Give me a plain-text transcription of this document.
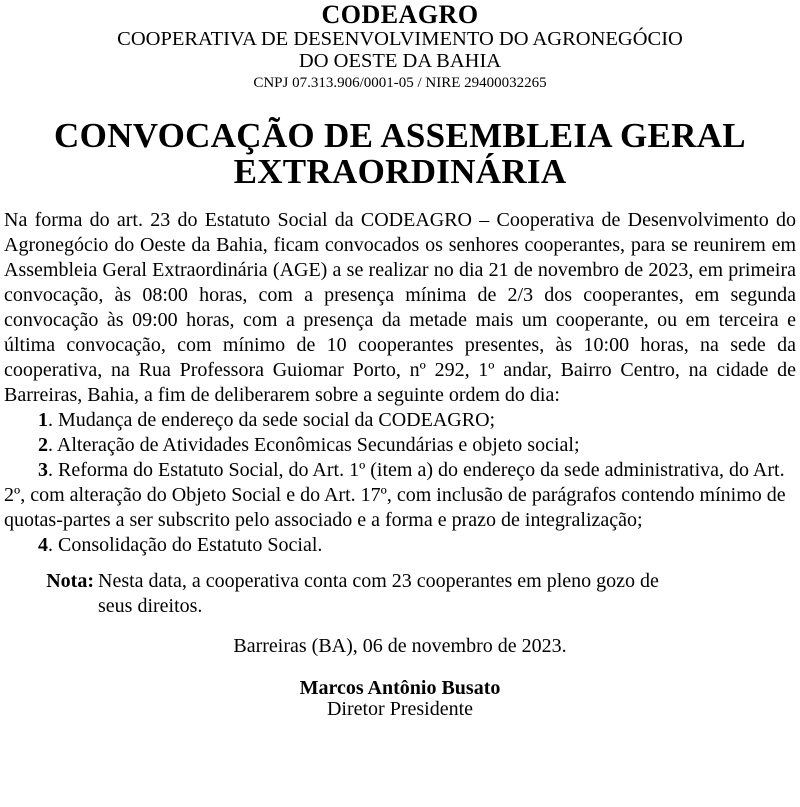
CODEAGRO
COOPERATIVA DE DESENVOLVIMENTO DO AGRONEGÓCIO
DO OESTE DA BAHIA
CNPJ 07.313.906/0001-05 / NIRE 29400032265
CONVOCAÇÃO DE ASSEMBLEIA GERAL
EXTRAORDINÁRIA

Na forma do art. 23 do Estatuto Social da CODEAGRO – Cooperativa de Desenvolvimento do Agronegócio do Oeste da Bahia, ficam convocados os senhores cooperantes, para se reunirem em Assembleia Geral Extraordinária (AGE) a se realizar no dia 21 de novembro de 2023, em primeira convocação, às 08:00 horas, com a presença mínima de 2/3 dos cooperantes, em segunda convocação às 09:00 horas, com a presença da metade mais um cooperante, ou em terceira e última convocação, com mínimo de 10 cooperantes presentes, às 10:00 horas, na sede da cooperativa, na Rua Professora Guiomar Porto, nº 292, 1º andar, Bairro Centro, na cidade de Barreiras, Bahia, a fim de deliberarem sobre a seguinte ordem do dia:

1. Mudança de endereço da sede social da CODEAGRO;

2. Alteração de Atividades Econômicas Secundárias e objeto social;

3. Reforma do Estatuto Social, do Art. 1º (item a) do endereço da sede administrativa, do Art. 2º, com alteração do Objeto Social e do Art. 17º, com inclusão de parágrafos contendo mínimo de quotas-partes a ser subscrito pelo associado e a forma e prazo de integralização;

4. Consolidação do Estatuto Social.

Nota: Nesta data, a cooperativa conta com 23 cooperantes em pleno gozo de seus direitos.
Barreiras (BA), 06 de novembro de 2023.
Marcos Antônio Busato
Diretor Presidente
